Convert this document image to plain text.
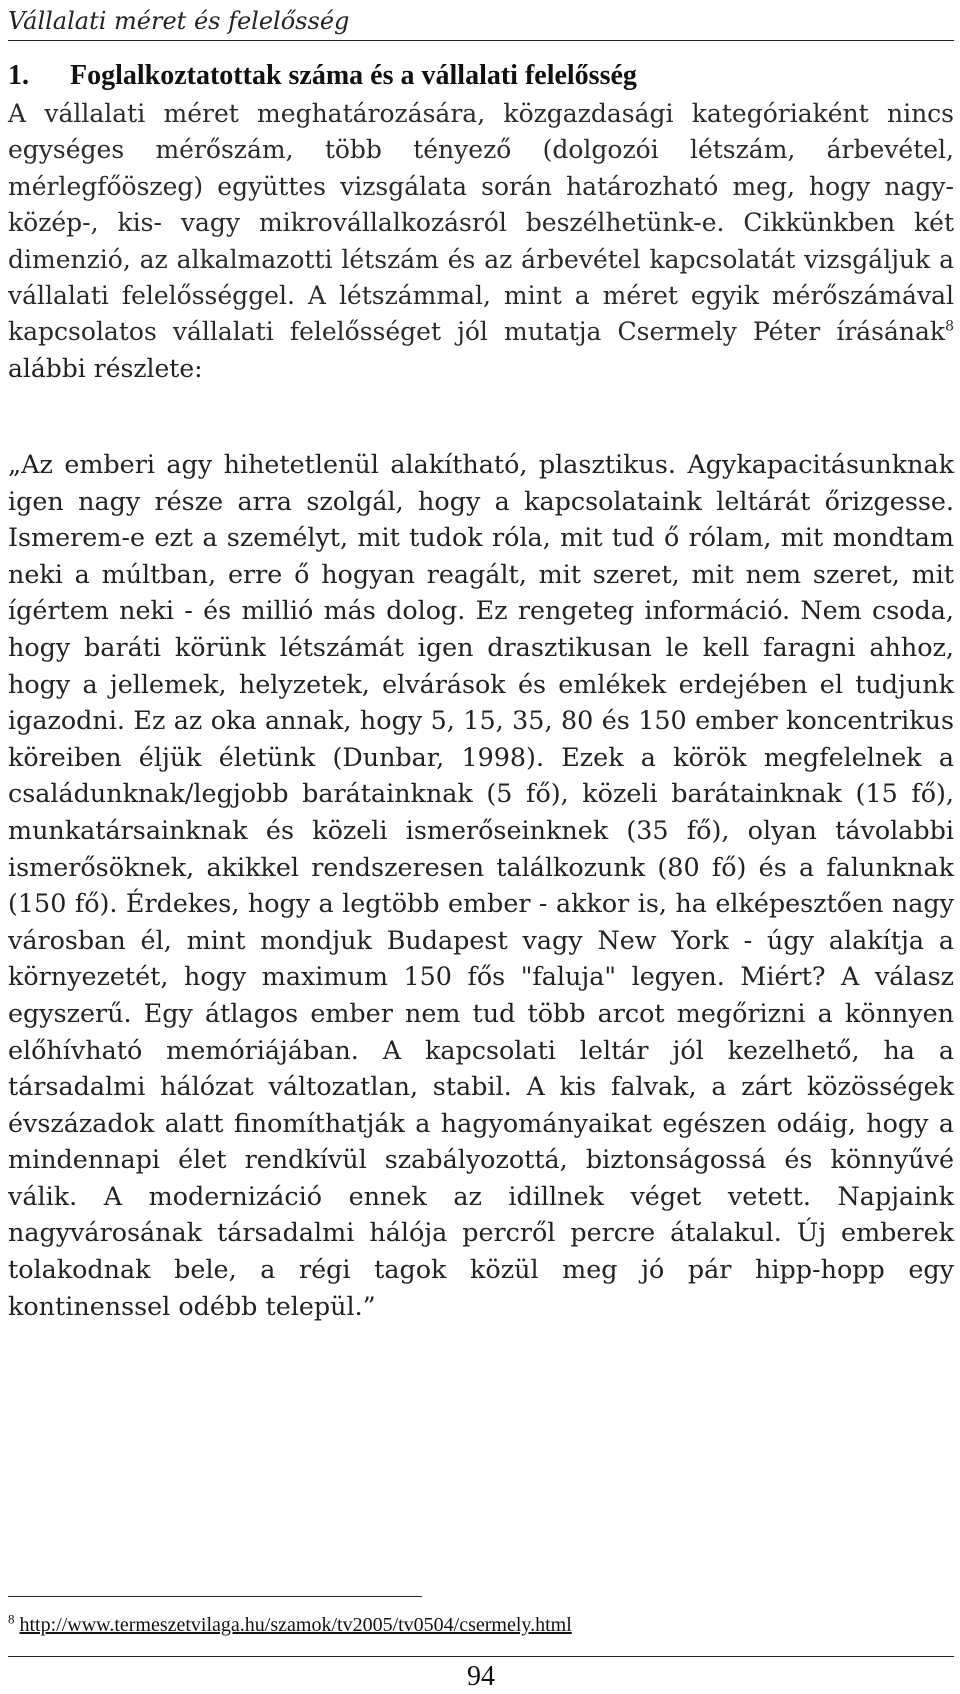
Vállalati méret és felelősség
1. Foglalkoztatottak száma és a vállalati felelősség
A vállalati méret meghatározására, közgazdasági kategóriaként nincs egységes mérőszám, több tényező (dolgozói létszám, árbevétel, mérlegfőöszeg) együttes vizsgálata során határozható meg, hogy nagy-közép-, kis- vagy mikrovállalkozásról beszélhetünk-e. Cikkünkben két dimenzió, az alkalmazotti létszám és az árbevétel kapcsolatát vizsgáljuk a vállalati felelősséggel. A létszámmal, mint a méret egyik mérőszámával kapcsolatos vállalati felelősséget jól mutatja Csermely Péter írásának$^8$ alábbi részlete:
„Az emberi agy hihetetlenül alakítható, plasztikus. Agykapacitásunknak igen nagy része arra szolgál, hogy a kapcsolataink leltárát őrizgesse. Ismerem-e ezt a személyt, mit tudok róla, mit tud ő rólam, mit mondtam neki a múltban, erre ő hogyan reagált, mit szeret, mit nem szeret, mit ígértem neki - és millió más dolog. Ez rengeteg információ. Nem csoda, hogy baráti körünk létszámát igen drasztikusan le kell faragni ahhoz, hogy a jellemek, helyzetek, elvárások és emlékek erdejében el tudjunk igazodni. Ez az oka annak, hogy 5, 15, 35, 80 és 150 ember koncentrikus köreiben éljük életünk (Dunbar, 1998). Ezek a körök megfelelnek a családunknak/legjobb barátainknak (5 fő), közeli barátainknak (15 fő), munkatársainknak és közeli ismerőseinknek (35 fő), olyan távolabbi ismerősöknek, akikkel rendszeresen találkozunk (80 fő) és a falunknak (150 fő). Érdekes, hogy a legtöbb ember - akkor is, ha elképesztően nagy városban él, mint mondjuk Budapest vagy New York - úgy alakítja a környezetét, hogy maximum 150 fős "faluja" legyen. Miért? A válasz egyszerű. Egy átlagos ember nem tud több arcot megőrizni a könnyen előhívható memóriájában. A kapcsolati leltár jól kezelhető, ha a társadalmi hálózat változatlan, stabil. A kis falvak, a zárt közösségek évszázadok alatt finomíthatják a hagyományaikat egészen odáig, hogy a mindennapi élet rendkívül szabályozottá, biztonságossá és könnyűvé válik. A modernizáció ennek az idillnek véget vetett. Napjaink nagyvárosának társadalmi hálója percről percre átalakul. Új emberek tolakodnak bele, a régi tagok közül meg jó pár hipp-hopp egy kontinenssel odébb települ.”
$^8$ http://www.termeszetvilaga.hu/szamok/tv2005/tv0504/csermely.html
94
